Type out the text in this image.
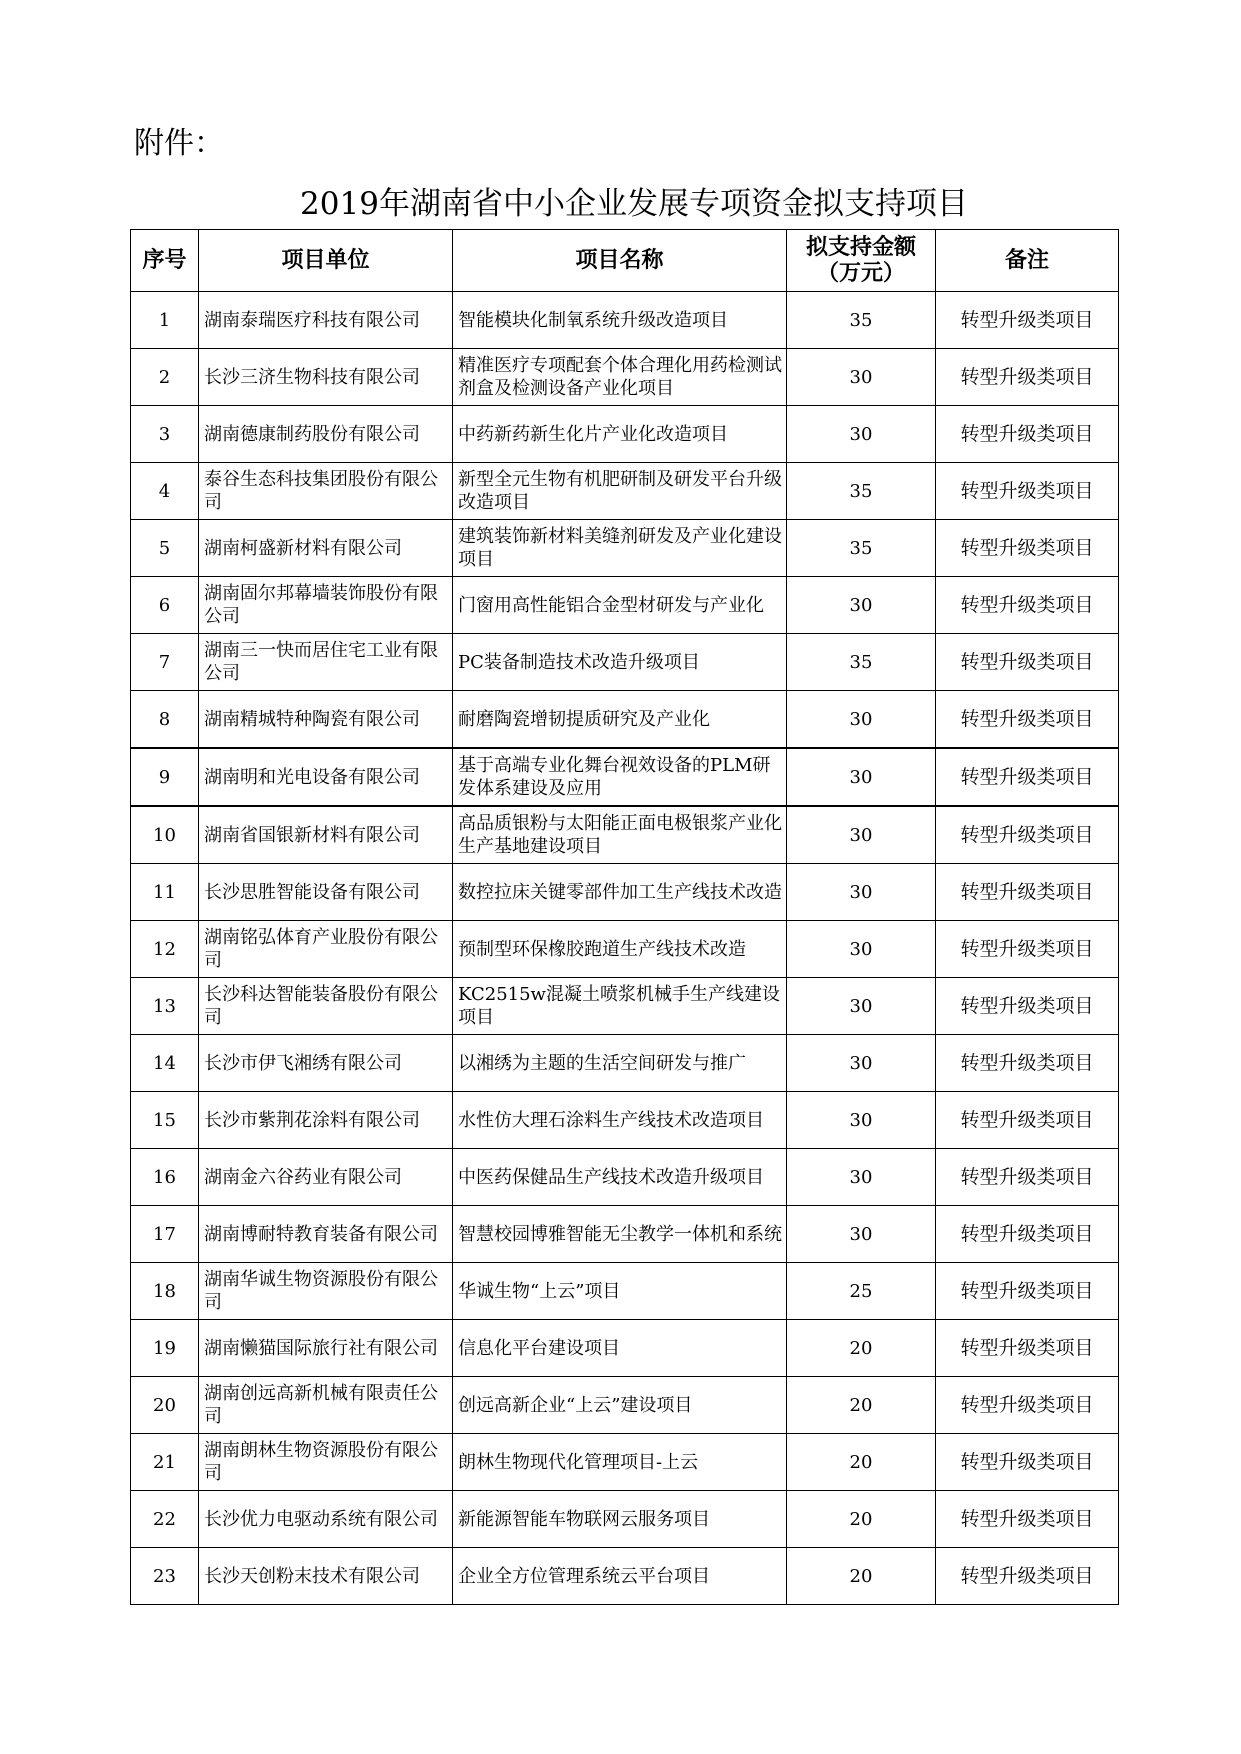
附件：
2019年湖南省中小企业发展专项资金拟支持项目
序号	项目单位	项目名称	拟支持金额（万元）	备注
1	湖南泰瑞医疗科技有限公司	智能模块化制氧系统升级改造项目	35	转型升级类项目
2	长沙三济生物科技有限公司	精准医疗专项配套个体合理化用药检测试剂盒及检测设备产业化项目	30	转型升级类项目
3	湖南德康制药股份有限公司	中药新药新生化片产业化改造项目	30	转型升级类项目
4	泰谷生态科技集团股份有限公司	新型全元生物有机肥研制及研发平台升级改造项目	35	转型升级类项目
5	湖南柯盛新材料有限公司	建筑装饰新材料美缝剂研发及产业化建设项目	35	转型升级类项目
6	湖南固尔邦幕墙装饰股份有限公司	门窗用高性能铝合金型材研发与产业化	30	转型升级类项目
7	湖南三一快而居住宅工业有限公司	PC装备制造技术改造升级项目	35	转型升级类项目
8	湖南精城特种陶瓷有限公司	耐磨陶瓷增韧提质研究及产业化	30	转型升级类项目
9	湖南明和光电设备有限公司	基于高端专业化舞台视效设备的PLM研发体系建设及应用	30	转型升级类项目
10	湖南省国银新材料有限公司	高品质银粉与太阳能正面电极银浆产业化生产基地建设项目	30	转型升级类项目
11	长沙思胜智能设备有限公司	数控拉床关键零部件加工生产线技术改造	30	转型升级类项目
12	湖南铭弘体育产业股份有限公司	预制型环保橡胶跑道生产线技术改造	30	转型升级类项目
13	长沙科达智能装备股份有限公司	KC2515w混凝土喷浆机械手生产线建设项目	30	转型升级类项目
14	长沙市伊飞湘绣有限公司	以湘绣为主题的生活空间研发与推广	30	转型升级类项目
15	长沙市紫荆花涂料有限公司	水性仿大理石涂料生产线技术改造项目	30	转型升级类项目
16	湖南金六谷药业有限公司	中医药保健品生产线技术改造升级项目	30	转型升级类项目
17	湖南博耐特教育装备有限公司	智慧校园博雅智能无尘教学一体机和系统	30	转型升级类项目
18	湖南华诚生物资源股份有限公司	华诚生物“上云”项目	25	转型升级类项目
19	湖南懒猫国际旅行社有限公司	信息化平台建设项目	20	转型升级类项目
20	湖南创远高新机械有限责任公司	创远高新企业“上云”建设项目	20	转型升级类项目
21	湖南朗林生物资源股份有限公司	朗林生物现代化管理项目-上云	20	转型升级类项目
22	长沙优力电驱动系统有限公司	新能源智能车物联网云服务项目	20	转型升级类项目
23	长沙天创粉末技术有限公司	企业全方位管理系统云平台项目	20	转型升级类项目
